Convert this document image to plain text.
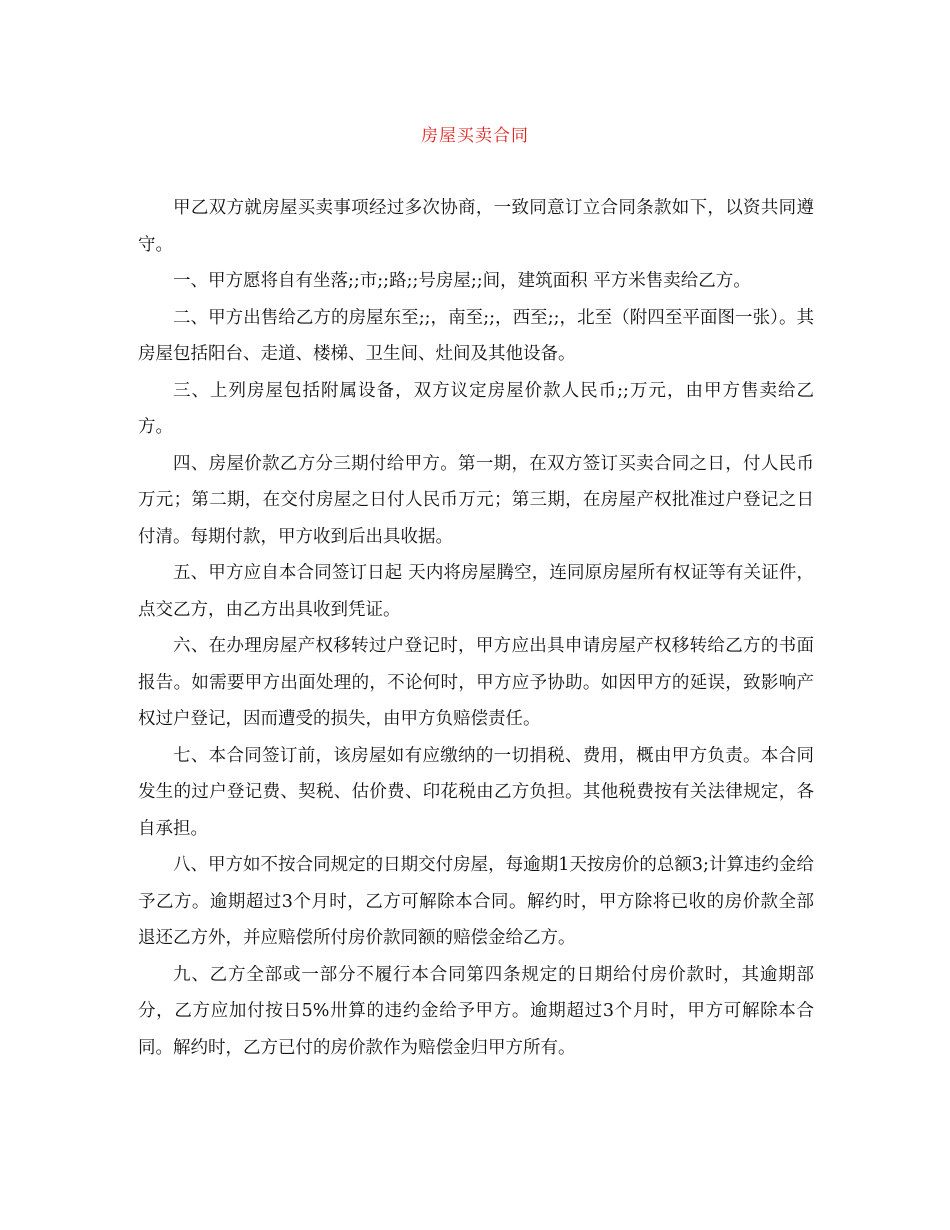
房屋买卖合同

甲乙双方就房屋买卖事项经过多次协商，一致同意订立合同条款如下，以资共同遵守。

一、甲方愿将自有坐落;;市;;路;;号房屋;;间，建筑面积 平方米售卖给乙方。

二、甲方出售给乙方的房屋东至;;，南至;;，西至;;，北至（附四至平面图一张）。其房屋包括阳台、走道、楼梯、卫生间、灶间及其他设备。

三、上列房屋包括附属设备，双方议定房屋价款人民币;;万元，由甲方售卖给乙方。

四、房屋价款乙方分三期付给甲方。第一期，在双方签订买卖合同之日，付人民币 万元；第二期，在交付房屋之日付人民币万元；第三期，在房屋产权批准过户登记之日付清。每期付款，甲方收到后出具收据。

五、甲方应自本合同签订日起 天内将房屋腾空，连同原房屋所有权证等有关证件，点交乙方，由乙方出具收到凭证。

六、在办理房屋产权移转过户登记时，甲方应出具申请房屋产权移转给乙方的书面报告。如需要甲方出面处理的，不论何时，甲方应予协助。如因甲方的延误，致影响产权过户登记，因而遭受的损失，由甲方负赔偿责任。

七、本合同签订前，该房屋如有应缴纳的一切捐税、费用，概由甲方负责。本合同发生的过户登记费、契税、估价费、印花税由乙方负担。其他税费按有关法律规定，各自承担。

八、甲方如不按合同规定的日期交付房屋，每逾期1天按房价的总额3;计算违约金给予乙方。逾期超过3个月时，乙方可解除本合同。解约时，甲方除将已收的房价款全部退还乙方外，并应赔偿所付房价款同额的赔偿金给乙方。

九、乙方全部或一部分不履行本合同第四条规定的日期给付房价款时，其逾期部分，乙方应加付按日5%卅算的违约金给予甲方。逾期超过3个月时，甲方可解除本合同。解约时，乙方已付的房价款作为赔偿金归甲方所有。
